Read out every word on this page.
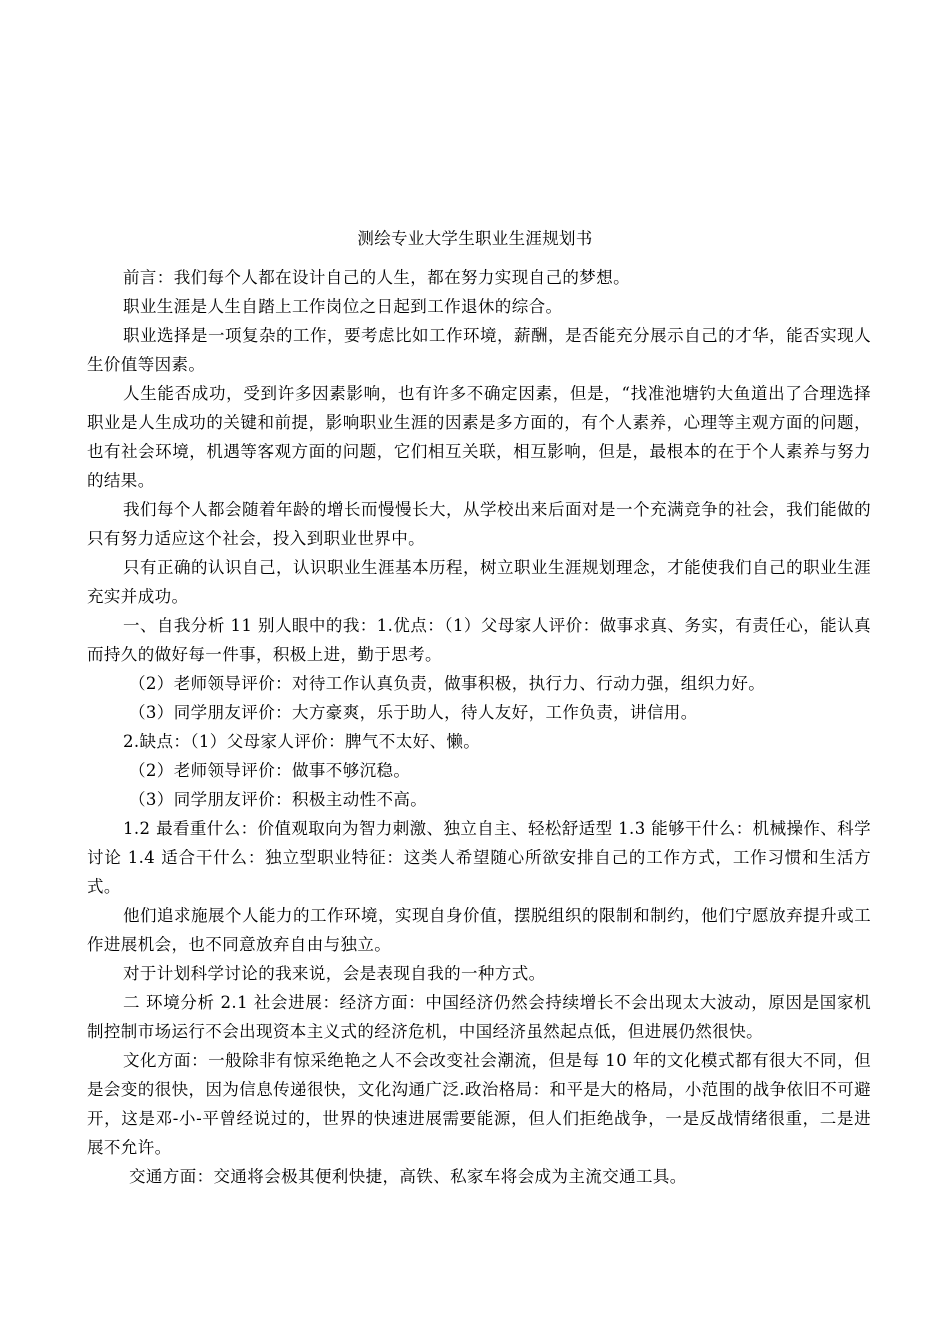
测绘专业大学生职业生涯规划书

前言：我们每个人都在设计自己的人生，都在努力实现自己的梦想。

职业生涯是人生自踏上工作岗位之日起到工作退休的综合。

职业选择是一项复杂的工作，要考虑比如工作环境，薪酬，是否能充分展示自己的才华，能否实现人生价值等因素。

人生能否成功，受到许多因素影响，也有许多不确定因素，但是，“找准池塘钓大鱼道出了合理选择职业是人生成功的关键和前提，影响职业生涯的因素是多方面的，有个人素养，心理等主观方面的问题，也有社会环境，机遇等客观方面的问题，它们相互关联，相互影响，但是，最根本的在于个人素养与努力的结果。

我们每个人都会随着年龄的增长而慢慢长大，从学校出来后面对是一个充满竞争的社会，我们能做的只有努力适应这个社会，投入到职业世界中。

只有正确的认识自己，认识职业生涯基本历程，树立职业生涯规划理念，才能使我们自己的职业生涯充实并成功。

一、自我分析 11 别人眼中的我：1.优点：（1）父母家人评价：做事求真、务实，有责任心，能认真而持久的做好每一件事，积极上进，勤于思考。

（2）老师领导评价：对待工作认真负责，做事积极，执行力、行动力强，组织力好。

（3）同学朋友评价：大方豪爽，乐于助人，待人友好，工作负责，讲信用。

2.缺点：（1）父母家人评价：脾气不太好、懒。

（2）老师领导评价：做事不够沉稳。

（3）同学朋友评价：积极主动性不高。

1.2 最看重什么：价值观取向为智力刺激、独立自主、轻松舒适型 1.3 能够干什么：机械操作、科学讨论 1.4 适合干什么：独立型职业特征：这类人希望随心所欲安排自己的工作方式，工作习惯和生活方式。

他们追求施展个人能力的工作环境，实现自身价值，摆脱组织的限制和制约，他们宁愿放弃提升或工作进展机会，也不同意放弃自由与独立。

对于计划科学讨论的我来说，会是表现自我的一种方式。

二 环境分析 2.1 社会进展：经济方面：中国经济仍然会持续增长不会出现太大波动，原因是国家机制控制市场运行不会出现资本主义式的经济危机，中国经济虽然起点低，但进展仍然很快。

文化方面：一般除非有惊采绝艳之人不会改变社会潮流，但是每 10 年的文化模式都有很大不同，但是会变的很快，因为信息传递很快，文化沟通广泛.政治格局：和平是大的格局，小范围的战争依旧不可避开，这是邓-小-平曾经说过的，世界的快速进展需要能源，但人们拒绝战争，一是反战情绪很重，二是进展不允许。

交通方面：交通将会极其便利快捷，高铁、私家车将会成为主流交通工具。
